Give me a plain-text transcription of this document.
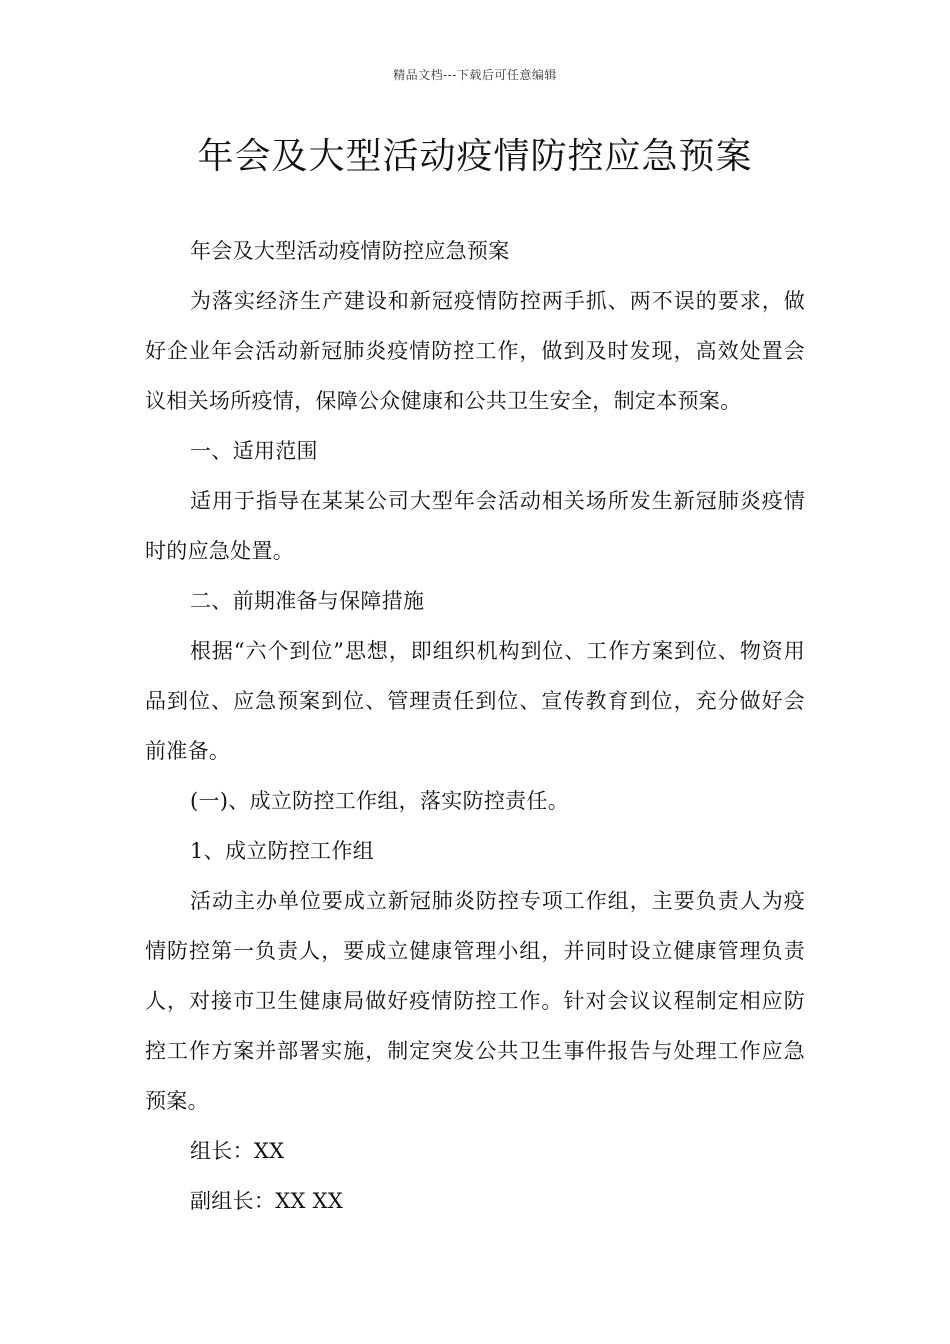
精品文档---下载后可任意编辑
年会及大型活动疫情防控应急预案

年会及大型活动疫情防控应急预案

为落实经济生产建设和新冠疫情防控两手抓、两不误的要求，做好企业年会活动新冠肺炎疫情防控工作，做到及时发现，高效处置会议相关场所疫情，保障公众健康和公共卫生安全，制定本预案。

一、适用范围

适用于指导在某某公司大型年会活动相关场所发生新冠肺炎疫情时的应急处置。

二、前期准备与保障措施

根据“六个到位”思想，即组织机构到位、工作方案到位、物资用品到位、应急预案到位、管理责任到位、宣传教育到位，充分做好会前准备。

(一)、成立防控工作组，落实防控责任。

1、成立防控工作组

活动主办单位要成立新冠肺炎防控专项工作组，主要负责人为疫情防控第一负责人，要成立健康管理小组，并同时设立健康管理负责人，对接市卫生健康局做好疫情防控工作。针对会议议程制定相应防控工作方案并部署实施，制定突发公共卫生事件报告与处理工作应急预案。

组长：XX

副组长：XX XX
